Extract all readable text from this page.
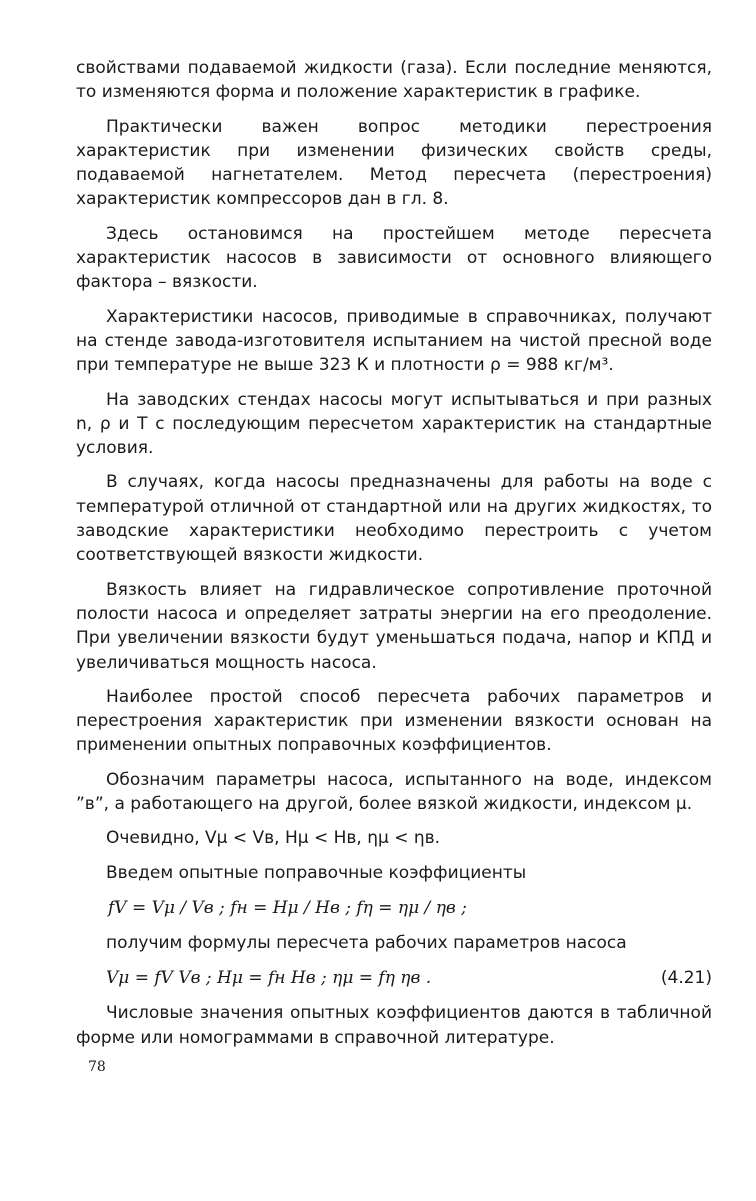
свойствами подаваемой жидкости (газа). Если последние меняются, то изменяются форма и положение характеристик в графике.

Практически важен вопрос методики перестроения характеристик при изменении физических свойств среды, подаваемой нагнетателем. Метод пересчета (перестроения) характеристик компрессоров дан в гл. 8.

Здесь остановимся на простейшем методе пересчета характеристик насосов в зависимости от основного влияющего фактора – вязкости.

Характеристики насосов, приводимые в справочниках, получают на стенде завода-изготовителя испытанием на чистой пресной воде при температуре не выше 323 К и плотности ρ = 988 кг/м³.

На заводских стендах насосы могут испытываться и при разных n, ρ и T с последующим пересчетом характеристик на стандартные условия.

В случаях, когда насосы предназначены для работы на воде с температурой отличной от стандартной или на других жидкостях, то заводские характеристики необходимо перестроить с учетом соответствующей вязкости жидкости.

Вязкость влияет на гидравлическое сопротивление проточной полости насоса и определяет затраты энергии на его преодоление. При увеличении вязкости будут уменьшаться подача, напор и КПД и увеличиваться мощность насоса.

Наиболее простой способ пересчета рабочих параметров и перестроения характеристик при изменении вязкости основан на применении опытных поправочных коэффициентов.

Обозначим параметры насоса, испытанного на воде, индексом ”в”, а работающего на другой, более вязкой жидкости, индексом μ.

Очевидно, Vμ < Vв, Hμ < Hв, ημ < ηв.

Введем опытные поправочные коэффициенты

fV = Vμ / Vв ; fн = Hμ / Hв ; fη = ημ / ηв ;

получим формулы пересчета рабочих параметров насоса

Vμ = fV Vв ; Hμ = fн Hв ; ημ = fη ηв .	(4.21)

Числовые значения опытных коэффициентов даются в табличной форме или номограммами в справочной литературе.

78
